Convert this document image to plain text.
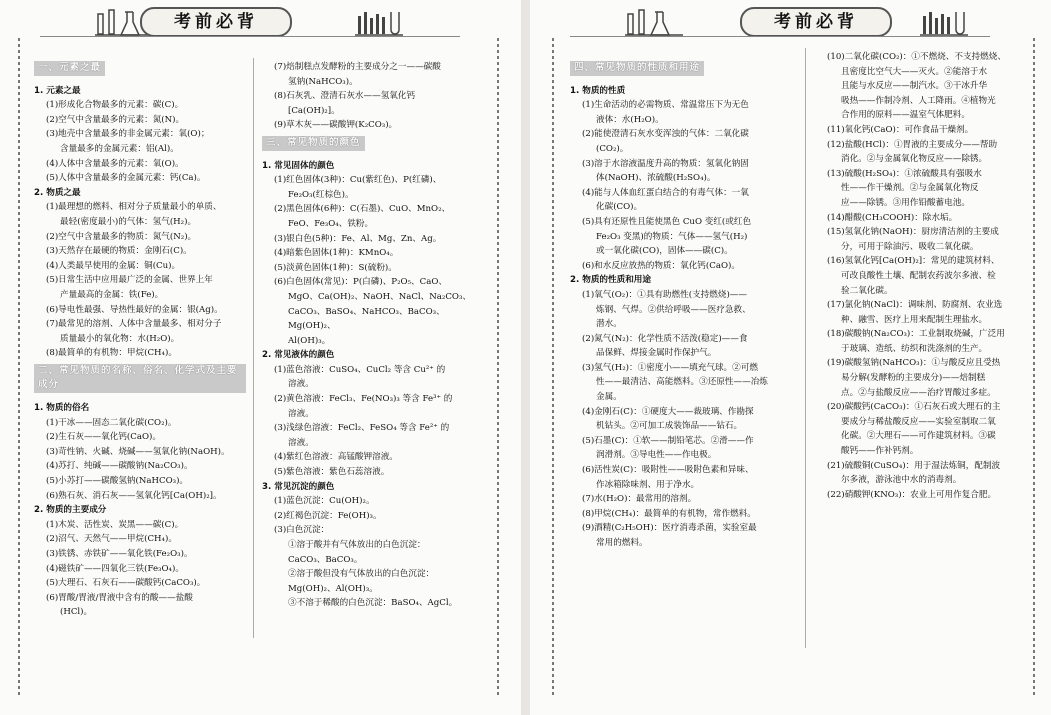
考前必背
一、元素之最

1. 元素之最

(1)形成化合物最多的元素：碳(C)。

(2)空气中含量最多的元素：氮(N)。

(3)地壳中含量最多的非金属元素：氧(O)；

含量最多的金属元素：铝(Al)。

(4)人体中含量最多的元素：氧(O)。

(5)人体中含量最多的金属元素：钙(Ca)。

2. 物质之最

(1)最理想的燃料、相对分子质量最小的单质、

最轻(密度最小)的气体：氢气(H₂)。

(2)空气中含量最多的物质：氮气(N₂)。

(3)天然存在最硬的物质：金刚石(C)。

(4)人类最早使用的金属：铜(Cu)。

(5)日常生活中应用最广泛的金属、世界上年

产量最高的金属：铁(Fe)。

(6)导电性最强、导热性最好的金属：银(Ag)。

(7)最常见的溶剂、人体中含量最多、相对分子

质量最小的氧化物：水(H₂O)。

(8)最简单的有机物：甲烷(CH₄)。

二、常见物质的名称、俗名、化学式及主要成分

1. 物质的俗名

(1)干冰——固态二氧化碳(CO₂)。

(2)生石灰——氧化钙(CaO)。

(3)苛性钠、火碱、烧碱——氢氧化钠(NaOH)。

(4)苏打、纯碱——碳酸钠(Na₂CO₃)。

(5)小苏打——碳酸氢钠(NaHCO₃)。

(6)熟石灰、消石灰——氢氧化钙[Ca(OH)₂]。

2. 物质的主要成分

(1)木炭、活性炭、炭黑——碳(C)。

(2)沼气、天然气——甲烷(CH₄)。

(3)铁锈、赤铁矿——氧化铁(Fe₂O₃)。

(4)磁铁矿——四氧化三铁(Fe₃O₄)。

(5)大理石、石灰石——碳酸钙(CaCO₃)。

(6)胃酸/胃液/胃液中含有的酸——盐酸

(HCl)。

(7)焙制糕点发酵粉的主要成分之一——碳酸

氢钠(NaHCO₃)。

(8)石灰乳、澄清石灰水——氢氧化钙

[Ca(OH)₂]。

(9)草木灰——碳酸钾(K₂CO₃)。

三、常见物质的颜色

1. 常见固体的颜色

(1)红色固体(3种)：Cu(紫红色)、P(红磷)、

Fe₂O₃(红棕色)。

(2)黑色固体(6种)：C(石墨)、CuO、MnO₂、

FeO、Fe₃O₄、铁粉。

(3)银白色(5种)：Fe、Al、Mg、Zn、Ag。

(4)暗紫色固体(1种)：KMnO₄。

(5)淡黄色固体(1种)：S(硫粉)。

(6)白色固体(常见)：P(白磷)、P₂O₅、CaO、

MgO、Ca(OH)₂、NaOH、NaCl、Na₂CO₃、

CaCO₃、BaSO₄、NaHCO₃、BaCO₃、Mg(OH)₂、

Al(OH)₃。

2. 常见液体的颜色

(1)蓝色溶液：CuSO₄、CuCl₂ 等含 Cu²⁺ 的

溶液。

(2)黄色溶液：FeCl₃、Fe(NO₃)₃ 等含 Fe³⁺ 的

溶液。

(3)浅绿色溶液：FeCl₂、FeSO₄ 等含 Fe²⁺ 的

溶液。

(4)紫红色溶液：高锰酸钾溶液。

(5)紫色溶液：紫色石蕊溶液。

3. 常见沉淀的颜色

(1)蓝色沉淀：Cu(OH)₂。

(2)红褐色沉淀：Fe(OH)₃。

(3)白色沉淀：

①溶于酸并有气体放出的白色沉淀：

CaCO₃、BaCO₃。

②溶于酸但没有气体放出的白色沉淀：

Mg(OH)₂、Al(OH)₃。

③不溶于稀酸的白色沉淀：BaSO₄、AgCl。

考前必背
四、常见物质的性质和用途

1. 物质的性质

(1)生命活动的必需物质、常温常压下为无色

液体：水(H₂O)。

(2)能使澄清石灰水变浑浊的气体：二氧化碳

(CO₂)。

(3)溶于水溶液温度升高的物质：氢氧化钠固

体(NaOH)、浓硫酸(H₂SO₄)。

(4)能与人体血红蛋白结合的有毒气体：一氧

化碳(CO)。

(5)具有还原性且能使黑色 CuO 变红(或红色

Fe₂O₃ 变黑)的物质：气体——氢气(H₂)

或一氧化碳(CO)，固体——碳(C)。

(6)和水反应放热的物质：氧化钙(CaO)。

2. 物质的性质和用途

(1)氧气(O₂)：①具有助燃性(支持燃烧)——

炼钢、气焊。②供给呼吸——医疗急救、

潜水。

(2)氮气(N₂)：化学性质不活泼(稳定)——食

品保鲜、焊接金属时作保护气。

(3)氢气(H₂)：①密度小——填充气球。②可燃

性——最清洁、高能燃料。③还原性——冶炼

金属。

(4)金刚石(C)：①硬度大——裁玻璃、作勘探

机钻头。②可加工成装饰品——钻石。

(5)石墨(C)：①软——制铅笔芯。②滑——作

润滑剂。③导电性——作电极。

(6)活性炭(C)：吸附性——吸附色素和异味、

作冰箱除味剂、用于净水。

(7)水(H₂O)：最常用的溶剂。

(8)甲烷(CH₄)：最简单的有机物，常作燃料。

(9)酒精(C₂H₅OH)：医疗消毒杀菌，实验室最

常用的燃料。

(10)二氧化碳(CO₂)：①不燃烧、不支持燃烧、

且密度比空气大——灭火。②能溶于水

且能与水反应——制汽水。③干冰升华

吸热——作制冷剂、人工降雨。④植物光

合作用的原料——温室气体肥料。

(11)氧化钙(CaO)：可作食品干燥剂。

(12)盐酸(HCl)：①胃液的主要成分——帮助

消化。②与金属氧化物反应——除锈。

(13)硫酸(H₂SO₄)：①浓硫酸具有强吸水

性——作干燥剂。②与金属氧化物反

应——除锈。③用作铅酸蓄电池。

(14)醋酸(CH₃COOH)：除水垢。

(15)氢氧化钠(NaOH)：厨房清洁剂的主要成

分，可用于除油污、吸收二氧化碳。

(16)氢氧化钙[Ca(OH)₂]：常见的建筑材料、

可改良酸性土壤、配制农药波尔多液、检

验二氧化碳。

(17)氯化钠(NaCl)：调味剂、防腐剂、农业选

种、融雪、医疗上用来配制生理盐水。

(18)碳酸钠(Na₂CO₃)：工业制取烧碱，广泛用

于玻璃、造纸、纺织和洗涤剂的生产。

(19)碳酸氢钠(NaHCO₃)：①与酸反应且受热

易分解(发酵粉的主要成分)——焙制糕

点。②与盐酸反应——治疗胃酸过多症。

(20)碳酸钙(CaCO₃)：①石灰石或大理石的主

要成分与稀盐酸反应——实验室制取二氧

化碳。②大理石——可作建筑材料。③碳

酸钙——作补钙剂。

(21)硫酸铜(CuSO₄)：用于湿法炼铜，配制波

尔多液，游泳池中水的消毒剂。

(22)硝酸钾(KNO₃)：农业上可用作复合肥。
